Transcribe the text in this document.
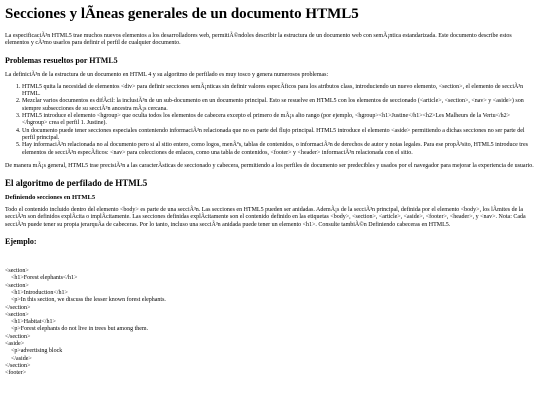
Secciones y lÃneas generales de un documento HTML5

La especificaciÃ³n HTML5 trae muchos nuevos elementos a los desarrolladores web, permitiÃ©ndoles describir la estructura de un documento web con semÃ¡ntica estandarizada. Este documento describe estos elementos y cÃ³mo usarlos para definir el perfil de cualquier documento.

Problemas resueltos por HTML5

La definiciÃ³n de la estructura de un documento en HTML 4 y su algoritmo de perfilado es muy tosco y genera numerosos problemas:

1. HTML5 quita la necesidad de elementos <div> para definir secciones semÃ¡nticas sin definir valores especÃficos para los atributos class, introduciendo un nuevo elemento, <section>, el elemento de secciÃ³n HTML.
2. Mezclar varios documentos es difÃcil: la inclusiÃ³n de un sub-documento en un documento principal. Esto se resuelve en HTML5 con los elementos de seccionado (<article>, <section>, <nav> y <aside>) son siempre subsecciones de su secciÃ³n ancestra mÃ¡s cercana.
3. HTML5 introduce el elemento <hgroup> que oculta todos los elementos de cabecera excepto el primero de mÃ¡s alto rango (por ejemplo, <hgroup><h1>Justine</h1><h2>Les Malheurs de la Vertu</h2></hgroup> crea el perfil 1. Justine).
4. Un documento puede tener secciones especiales conteniendo informaciÃ³n relacionada que no es parte del flujo principal. HTML5 introduce el elemento <aside> permitiendo a dichas secciones no ser parte del perfil principal.
5. Hay informaciÃ³n relacionada no al documento pero si al sitio entero, como logos, menÃºs, tablas de contenidos, o informaciÃ³n de derechos de autor y notas legales. Para ese propÃ³sito, HTML5 introduce tres elementos de secciÃ³n especÃficos: <nav> para colecciones de enlaces, como una tabla de contenidos, <footer> y <header> informaciÃ³n relacionada con el sitio.

De manera mÃ¡s general, HTML5 trae precisiÃ³n a las caracterÃsticas de seccionado y cabecera, permitiendo a los perfiles de documento ser predecibles y usados por el navegador para mejorar la experiencia de usuario.

El algoritmo de perfilado de HTML5
Definiendo secciones en HTML5

Todo el contenido incluido dentro del elemento <body> es parte de una secciÃ³n. Las secciones en HTML5 pueden ser anidadas. AdemÃ¡s de la secciÃ³n principal, definida por el elemento <body>, los lÃmites de la secciÃ³n son definidos explÃcita o implÃcitamente. Las secciones definidas explÃcitamente son el contenido definido en las etiquetas <body>, <section>, <article>, <aside>, <footer>, <header>, y <nav>. Nota: Cada secciÃ³n puede tener su propia jerarquÃa de cabeceras. Por lo tanto, incluso una secciÃ³n anidada puede tener un elemento <h1>. Consulte tambiÃ©n Definiendo cabeceras en HTML5.

Ejemplo:
<section>
<h1>Forest elephants</h1>
<section>
<h1>Introduction</h1>
<p>In this section, we discuss the lesser known forest elephants.
</section>
<section>
<h1>Habitat</h1>
<p>Forest elephants do not live in trees but among them.
</section>
<aside>
<p>advertising block
</aside>
</section>
<footer>
